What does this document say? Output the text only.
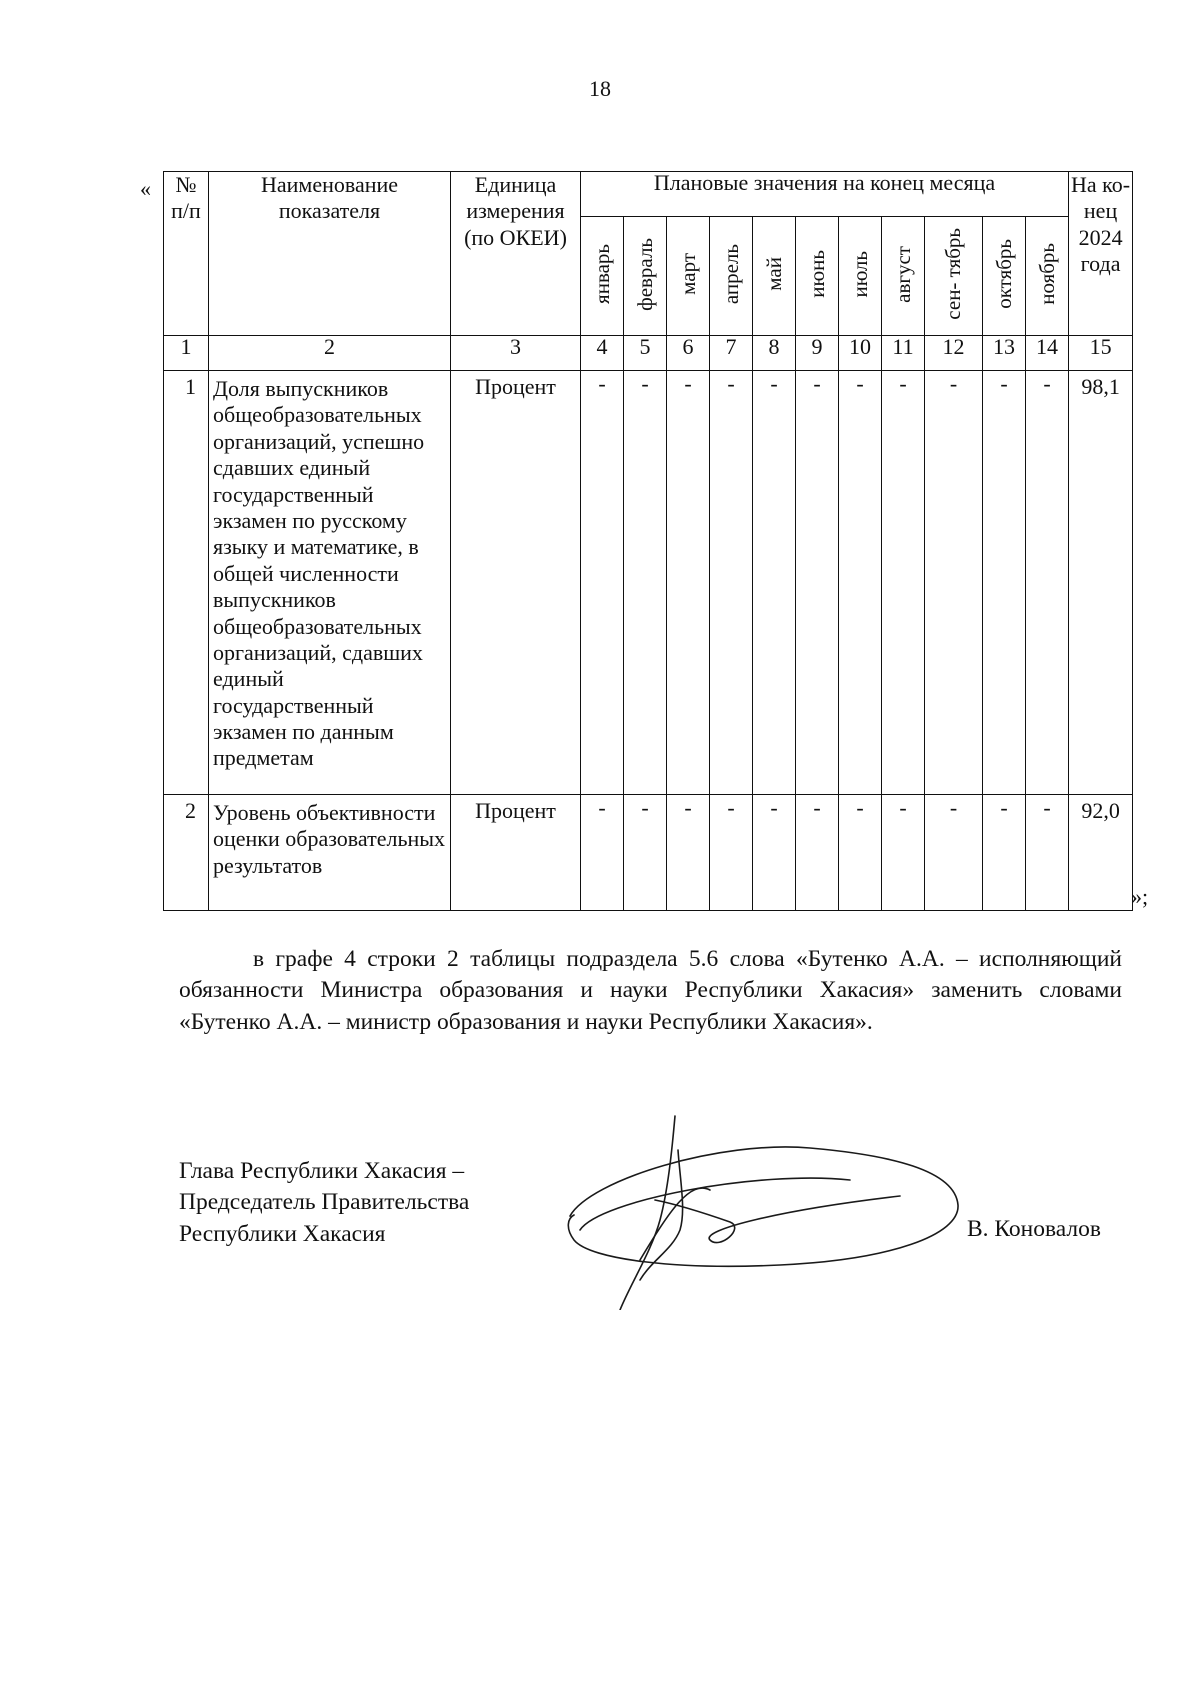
18
« № п/п	Наименование показателя	Единица измерения (по ОКЕИ)	Плановые значения на конец месяца											На ко- нец 2024 года
			январь	февраль	март	апрель	май	июнь	июль	август	сен- тябрь	октябрь	ноябрь	
1	2	3	4	5	6	7	8	9	10	11	12	13	14	15
1	Доля выпускников общеобразовательных организаций, успешно сдавших единый государственный экзамен по русскому языку и математике, в общей численности выпускников общеобразовательных организаций, сдавших единый государственный экзамен по данным предметам	Процент	-	-	-	-	-	-	-	-	-	-	-	98,1
2	Уровень объективности оценки образовательных результатов	Процент	-	-	-	-	-	-	-	-	-	-	-	92,0
»;

в графе 4 строки 2 таблицы подраздела 5.6 слова «Бутенко А.А. – исполняющий обязанности Министра образования и науки Республики Хакасия» заменить словами «Бутенко А.А. – министр образования и науки Республики Хакасия».

Глава Республики Хакасия –
Председатель Правительства
Республики Хакасия	В. Коновалов
